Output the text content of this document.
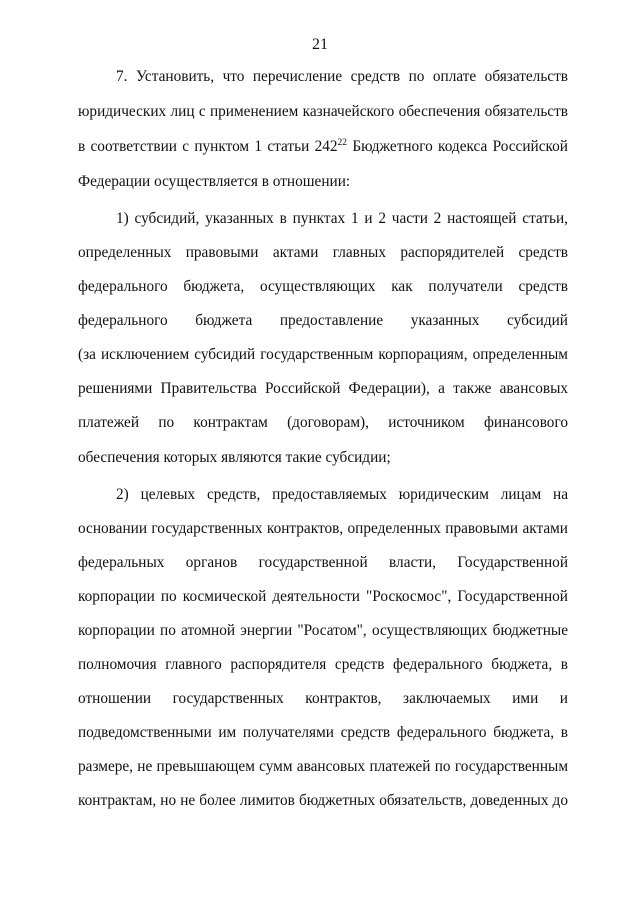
21
7. Установить, что перечисление средств по оплате обязательств
юридических лиц с применением казначейского обеспечения обязательств
в соответствии с пунктом 1 статьи $242^{22}$ Бюджетного кодекса Российской
Федерации осуществляется в отношении:
1) субсидий, указанных в пунктах 1 и 2 части 2 настоящей статьи,
определенных правовыми актами главных распорядителей средств
федерального бюджета, осуществляющих как получатели средств
федерального бюджета предоставление указанных субсидий
(за исключением субсидий государственным корпорациям, определенным
решениями Правительства Российской Федерации), а также авансовых
платежей по контрактам (договорам), источником финансового
обеспечения которых являются такие субсидии;
2) целевых средств, предоставляемых юридическим лицам на
основании государственных контрактов, определенных правовыми актами
федеральных органов государственной власти, Государственной
корпорации по космической деятельности "Роскосмос", Государственной
корпорации по атомной энергии "Росатом", осуществляющих бюджетные
полномочия главного распорядителя средств федерального бюджета, в
отношении государственных контрактов, заключаемых ими и
подведомственными им получателями средств федерального бюджета, в
размере, не превышающем сумм авансовых платежей по государственным
контрактам, но не более лимитов бюджетных обязательств, доведенных до
